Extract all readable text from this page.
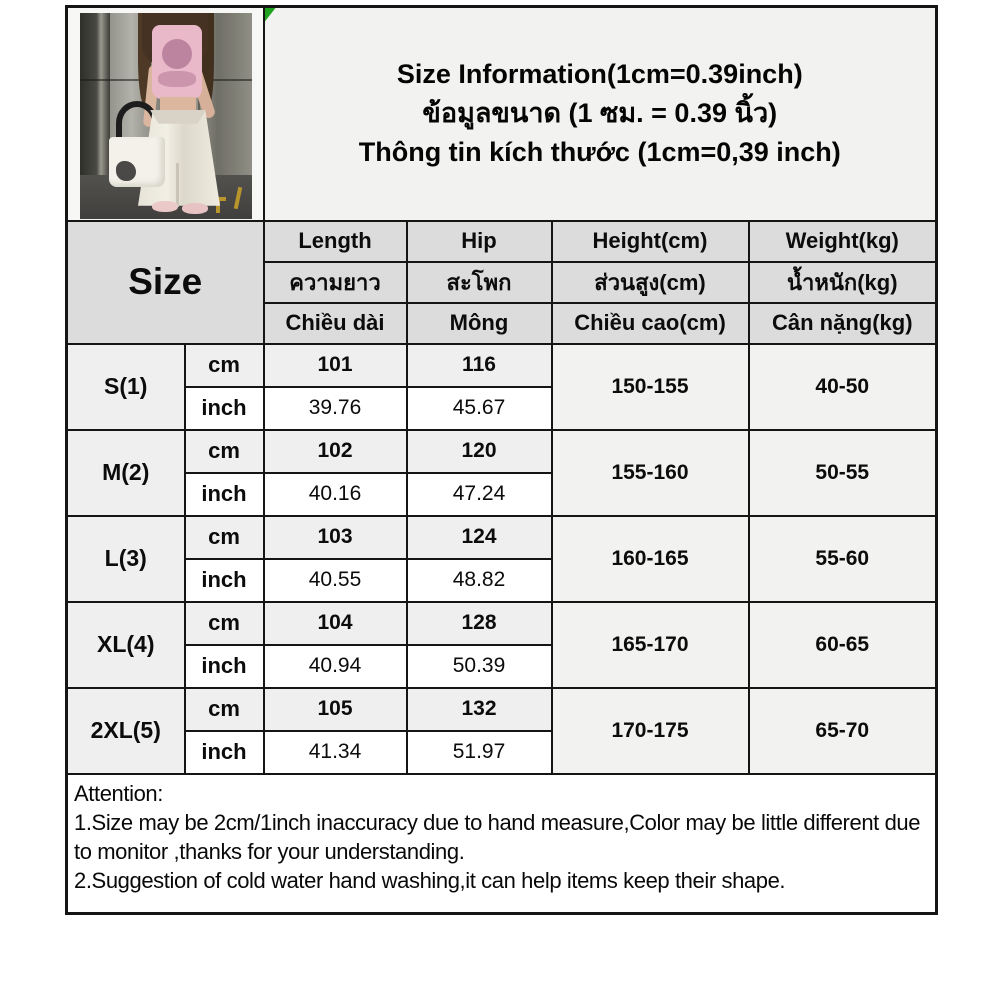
		Size Information(1cm=0.39inch)
ข้อมูลขนาด (1 ซม. = 0.39 นิ้ว)
Thông tin kích thước (1cm=0,39 inch)			

Size		Length	Hip	Height(cm)	Weight(kg)
		ความยาว	สะโพก	ส่วนสูง(cm)	น้ำหนัก(kg)
		Chiều dài	Mông	Chiều cao(cm)	Cân nặng(kg)
S(1)	cm	101	116	150-155	40-50
	inch	39.76	45.67		
M(2)	cm	102	120	155-160	50-55
	inch	40.16	47.24		
L(3)	cm	103	124	160-165	55-60
	inch	40.55	48.82		
XL(4)	cm	104	128	165-170	60-65
	inch	40.94	50.39		
2XL(5)	cm	105	132	170-175	65-70
	inch	41.34	51.97		

Attention:
1.Size may be 2cm/1inch inaccuracy due to hand measure,Color may be little different due to monitor ,thanks for your understanding.
2.Suggestion of cold water hand washing,it can help items keep their shape.					
